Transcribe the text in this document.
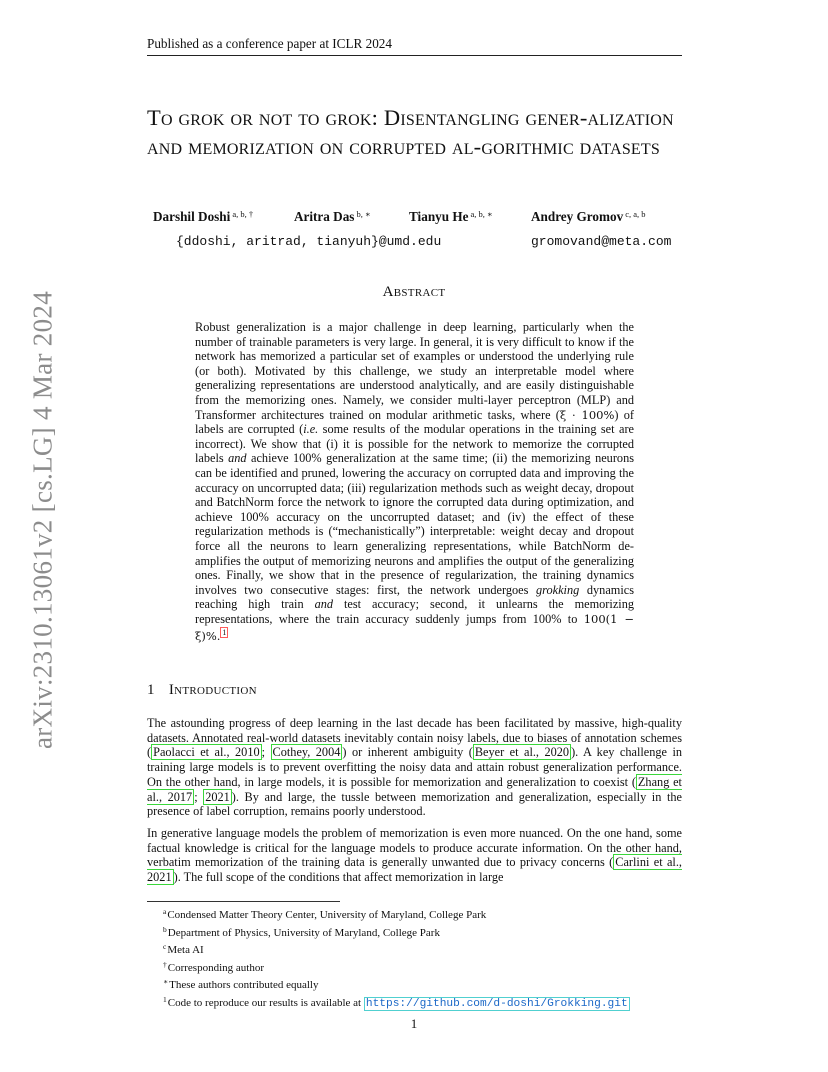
Published as a conference paper at ICLR 2024
arXiv:2310.13061v2 [cs.LG] 4 Mar 2024
To grok or not to grok: Disentangling gener-alization and memorization on corrupted al-gorithmic datasets
Darshil Doshi $^{a, b, \dagger}$	Aritra Das $^{b, ∗}$	Tianyu He $^{a, b, ∗}$	Andrey Gromov $^{c, a, b}$
{ddoshi, aritrad, tianyuh}@umd.edu	gromovand@meta.com
Abstract

Robust generalization is a major challenge in deep learning, particularly when the number of trainable parameters is very large. In general, it is very difficult to know if the network has memorized a particular set of examples or understood the underlying rule (or both). Motivated by this challenge, we study an interpretable model where generalizing representations are understood analytically, and are easily distinguishable from the memorizing ones. Namely, we consider multi-layer perceptron (MLP) and Transformer architectures trained on modular arithmetic tasks, where (ξ · 100%) of labels are corrupted (i.e. some results of the modular operations in the training set are incorrect). We show that (i) it is possible for the network to memorize the corrupted labels and achieve 100% generalization at the same time; (ii) the memorizing neurons can be identified and pruned, lowering the accuracy on corrupted data and improving the accuracy on uncorrupted data; (iii) regularization methods such as weight decay, dropout and BatchNorm force the network to ignore the corrupted data during optimization, and achieve 100% accuracy on the uncorrupted dataset; and (iv) the effect of these regularization methods is (“mechanistically”) interpretable: weight decay and dropout force all the neurons to learn generalizing representations, while BatchNorm de-amplifies the output of memorizing neurons and amplifies the output of the generalizing ones. Finally, we show that in the presence of regularization, the training dynamics involves two consecutive stages: first, the network undergoes grokking dynamics reaching high train and test accuracy; second, it unlearns the memorizing representations, where the train accuracy suddenly jumps from 100% to 100(1 − ξ)%. $^1$

1 Introduction

The astounding progress of deep learning in the last decade has been facilitated by massive, high-quality datasets. Annotated real-world datasets inevitably contain noisy labels, due to biases of annotation schemes ( Paolacci et al., 2010 ; Cothey, 2004 ) or inherent ambiguity ( Beyer et al., 2020 ). A key challenge in training large models is to prevent overfitting the noisy data and attain robust generalization performance. On the other hand, in large models, it is possible for memorization and generalization to coexist ( Zhang et al., 2017 ; 2021 ). By and large, the tussle between memorization and generalization, especially in the presence of label corruption, remains poorly understood.

In generative language models the problem of memorization is even more nuanced. On the one hand, some factual knowledge is critical for the language models to produce accurate information. On the other hand, verbatim memorization of the training data is generally unwanted due to privacy concerns ( Carlini et al., 2021 ). The full scope of the conditions that affect memorization in large

$^a$Condensed Matter Theory Center, University of Maryland, College Park
$^b$Department of Physics, University of Maryland, College Park
$^c$Meta AI
†Corresponding author
∗These authors contributed equally
$^1$Code to reproduce our results is available at https://github.com/d-doshi/Grokking.git
1
